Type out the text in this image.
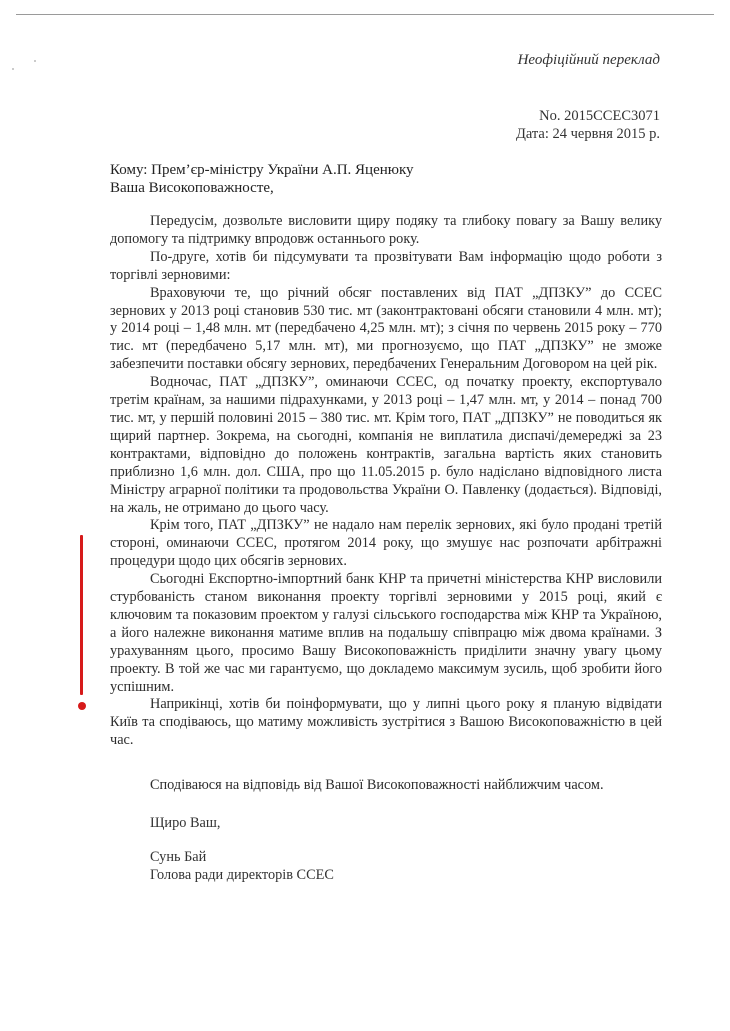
Неофіційний переклад
No. 2015CCEC3071
Дата: 24 червня 2015 р.
Кому: Прем’єр-міністру України А.П. Яценюку
Ваша Високоповажносте,

Передусім, дозвольте висловити щиру подяку та глибоку повагу за Вашу велику допомогу та підтримку впродовж останнього року.

По-друге, хотів би підсумувати та прозвітувати Вам інформацію щодо роботи з торгівлі зерновими:

Враховуючи те, що річний обсяг поставлених від ПАТ „ДПЗКУ” до CCEC зернових у 2013 році становив 530 тис. мт (законтрактовані обсяги становили 4 млн. мт); у 2014 році – 1,48 млн. мт (передбачено 4,25 млн. мт); з січня по червень 2015 року – 770 тис. мт (передбачено 5,17 млн. мт), ми прогнозуємо, що ПАТ „ДПЗКУ” не зможе забезпечити поставки обсягу зернових, передбачених Генеральним Договором на цей рік.

Водночас, ПАТ „ДПЗКУ”, оминаючи CCEC, од початку проекту, експортувало третім країнам, за нашими підрахунками, у 2013 році – 1,47 млн. мт, у 2014 – понад 700 тис. мт, у першій половині 2015 – 380 тис. мт. Крім того, ПАТ „ДПЗКУ” не поводиться як щирий партнер. Зокрема, на сьогодні, компанія не виплатила диспачі/демереджі за 23 контрактами, відповідно до положень контрактів, загальна вартість яких становить приблизно 1,6 млн. дол. США, про що 11.05.2015 р. було надіслано відповідного листа Міністру аграрної політики та продовольства України О. Павленку (додається). Відповіді, на жаль, не отримано до цього часу.

Крім того, ПАТ „ДПЗКУ” не надало нам перелік зернових, які було продані третій стороні, оминаючи CCEC, протягом 2014 року, що змушує нас розпочати арбітражні процедури щодо цих обсягів зернових.

Сьогодні Експортно-імпортний банк КНР та причетні міністерства КНР висловили стурбованість станом виконання проекту торгівлі зерновими у 2015 році, який є ключовим та показовим проектом у галузі сільського господарства між КНР та Україною, а його належне виконання матиме вплив на подальшу співпрацю між двома країнами. З урахуванням цього, просимо Вашу Високоповажність приділити значну увагу цьому проекту. В той же час ми гарантуємо, що докладемо максимум зусиль, щоб зробити його успішним.

Наприкінці, хотів би поінформувати, що у липні цього року я планую відвідати Київ та сподіваюсь, що матиму можливість зустрітися з Вашою Високоповажністю в цей час.

Сподіваюся на відповідь від Вашої Високоповажності найближчим часом.
Щиро Ваш,
Сунь Бай
Голова ради директорів CCEC
